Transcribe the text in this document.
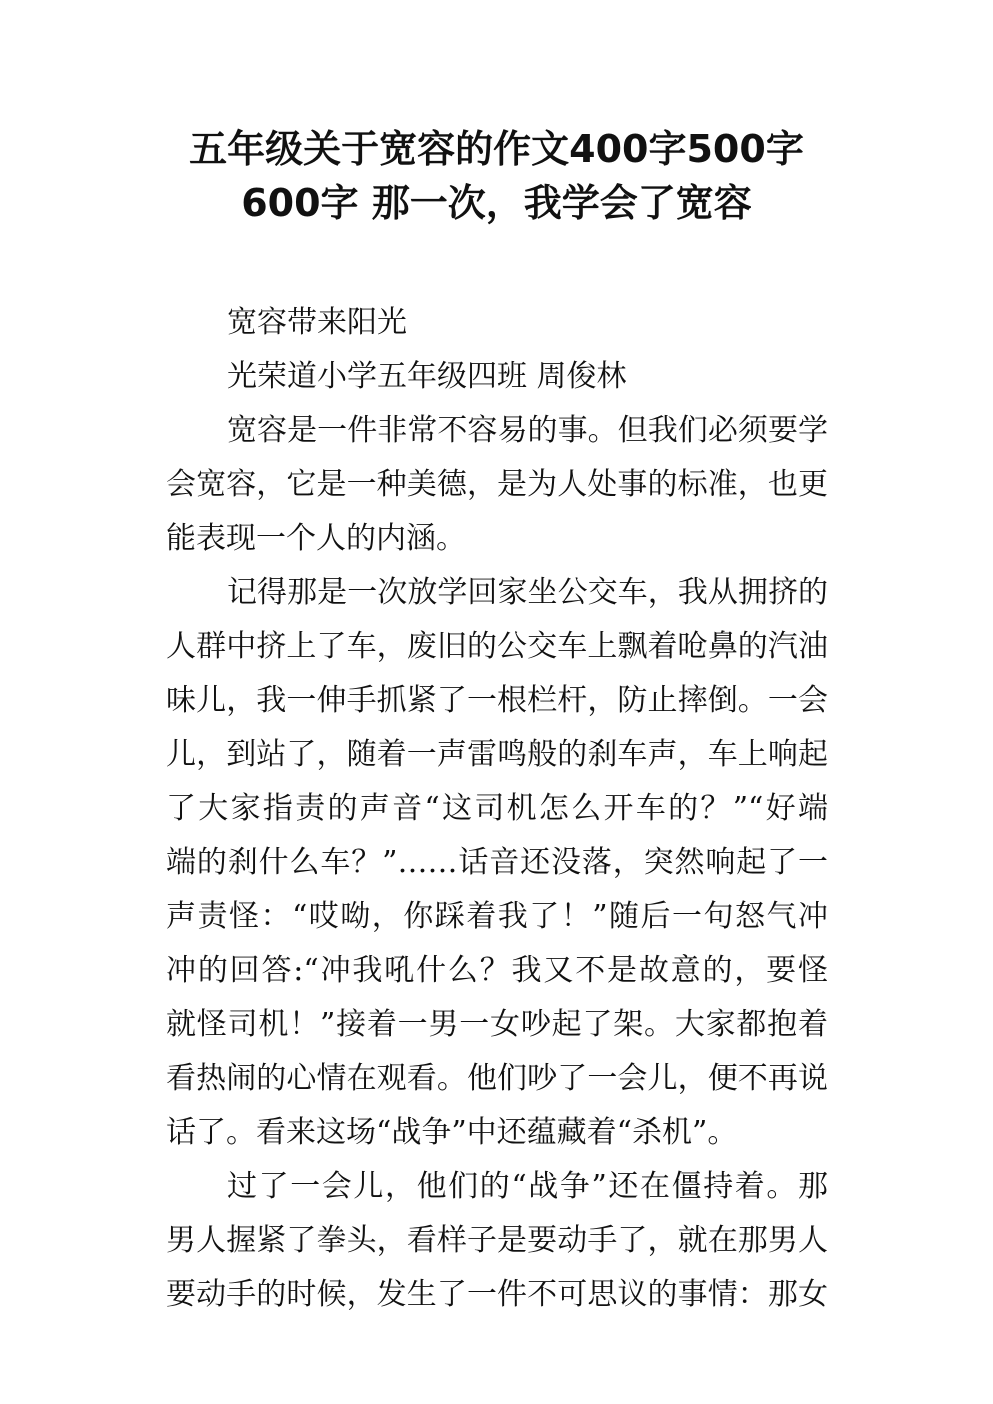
五年级关于宽容的作文400字500字
600字 那一次，我学会了宽容
宽容带来阳光
光荣道小学五年级四班 周俊林
宽容是一件非常不容易的事。但我们必须要学
会宽容，它是一种美德，是为人处事的标准，也更
能表现一个人的内涵。
记得那是一次放学回家坐公交车，我从拥挤的
人群中挤上了车，废旧的公交车上飘着呛鼻的汽油
味儿，我一伸手抓紧了一根栏杆，防止摔倒。一会
儿，到站了，随着一声雷鸣般的刹车声，车上响起
了大家指责的声音“这司机怎么开车的？”“好端
端的刹什么车？”……话音还没落，突然响起了一
声责怪：“哎呦，你踩着我了！”随后一句怒气冲
冲的回答:“冲我吼什么？我又不是故意的，要怪
就怪司机！”接着一男一女吵起了架。大家都抱着
看热闹的心情在观看。他们吵了一会儿，便不再说
话了。看来这场“战争”中还蕴藏着“杀机”。
过了一会儿，他们的“战争”还在僵持着。那
男人握紧了拳头，看样子是要动手了，就在那男人
要动手的时候，发生了一件不可思议的事情：那女
